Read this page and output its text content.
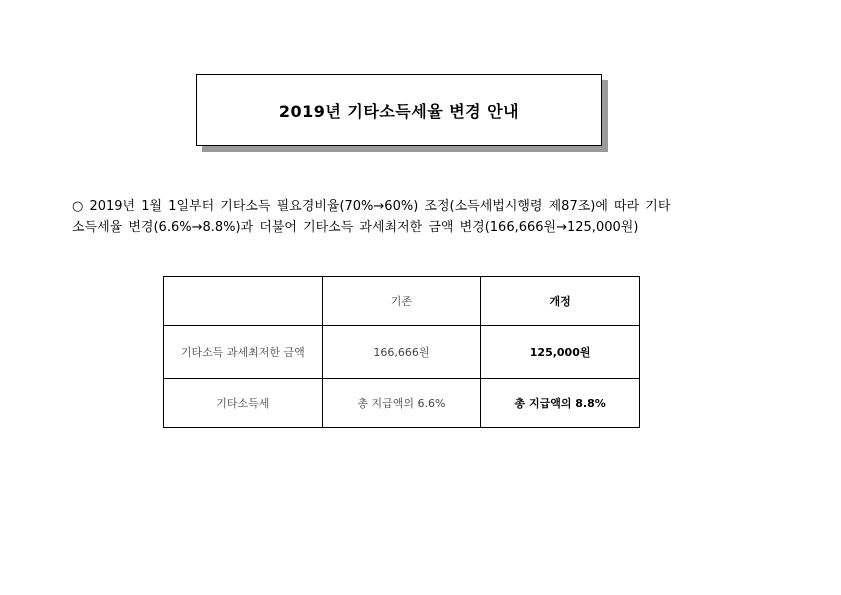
2019년 기타소득세율 변경 안내
○ 2019년 1월 1일부터 기타소득 필요경비율(70%→60%) 조정(소득세법시행령 제87조)에 따라 기타
소득세율 변경(6.6%→8.8%)과 더불어 기타소득 과세최저한 금액 변경(166,666원→125,000원)
	기존	개정
기타소득 과세최저한 금액	166,666원	125,000원
기타소득세	총 지급액의 6.6%	총 지급액의 8.8%
